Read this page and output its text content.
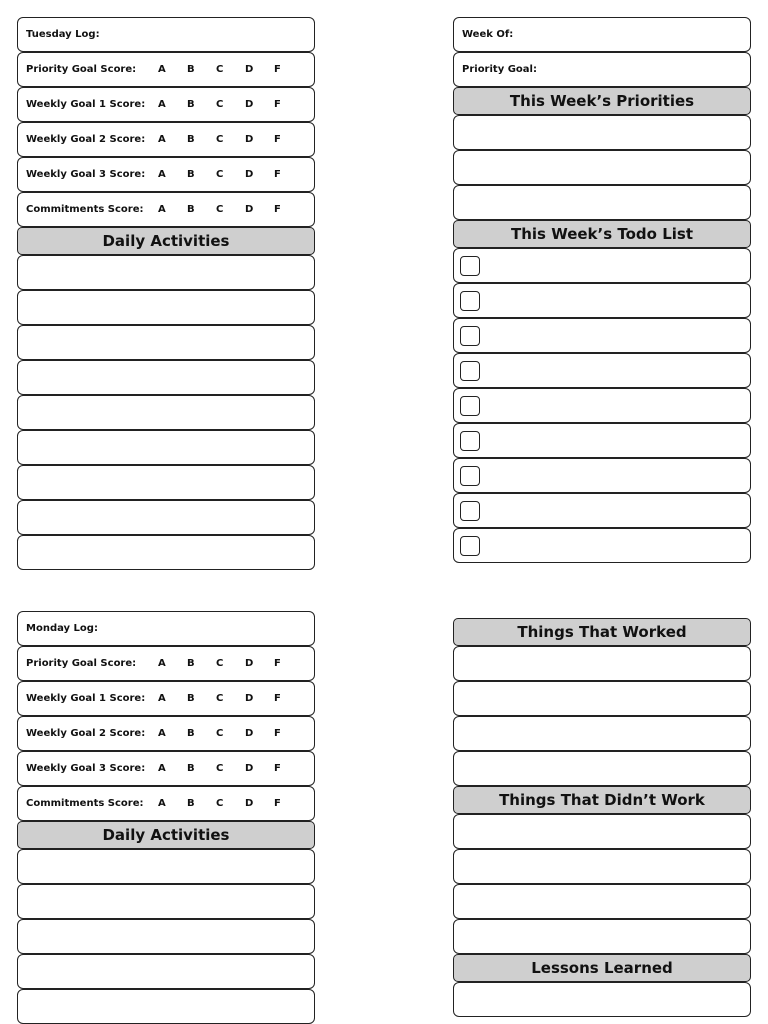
Tuesday Log:
Priority Goal Score:	A	B	C	D	F
Weekly Goal 1 Score:	A	B	C	D	F
Weekly Goal 2 Score:	A	B	C	D	F
Weekly Goal 3 Score:	A	B	C	D	F
Commitments Score:	A	B	C	D	F
Daily Activities
Week Of:
Priority Goal:
This Week’s Priorities
This Week’s Todo List
Monday Log:
Priority Goal Score:	A	B	C	D	F
Weekly Goal 1 Score:	A	B	C	D	F
Weekly Goal 2 Score:	A	B	C	D	F
Weekly Goal 3 Score:	A	B	C	D	F
Commitments Score:	A	B	C	D	F
Daily Activities
Things That Worked
Things That Didn’t Work
Lessons Learned
